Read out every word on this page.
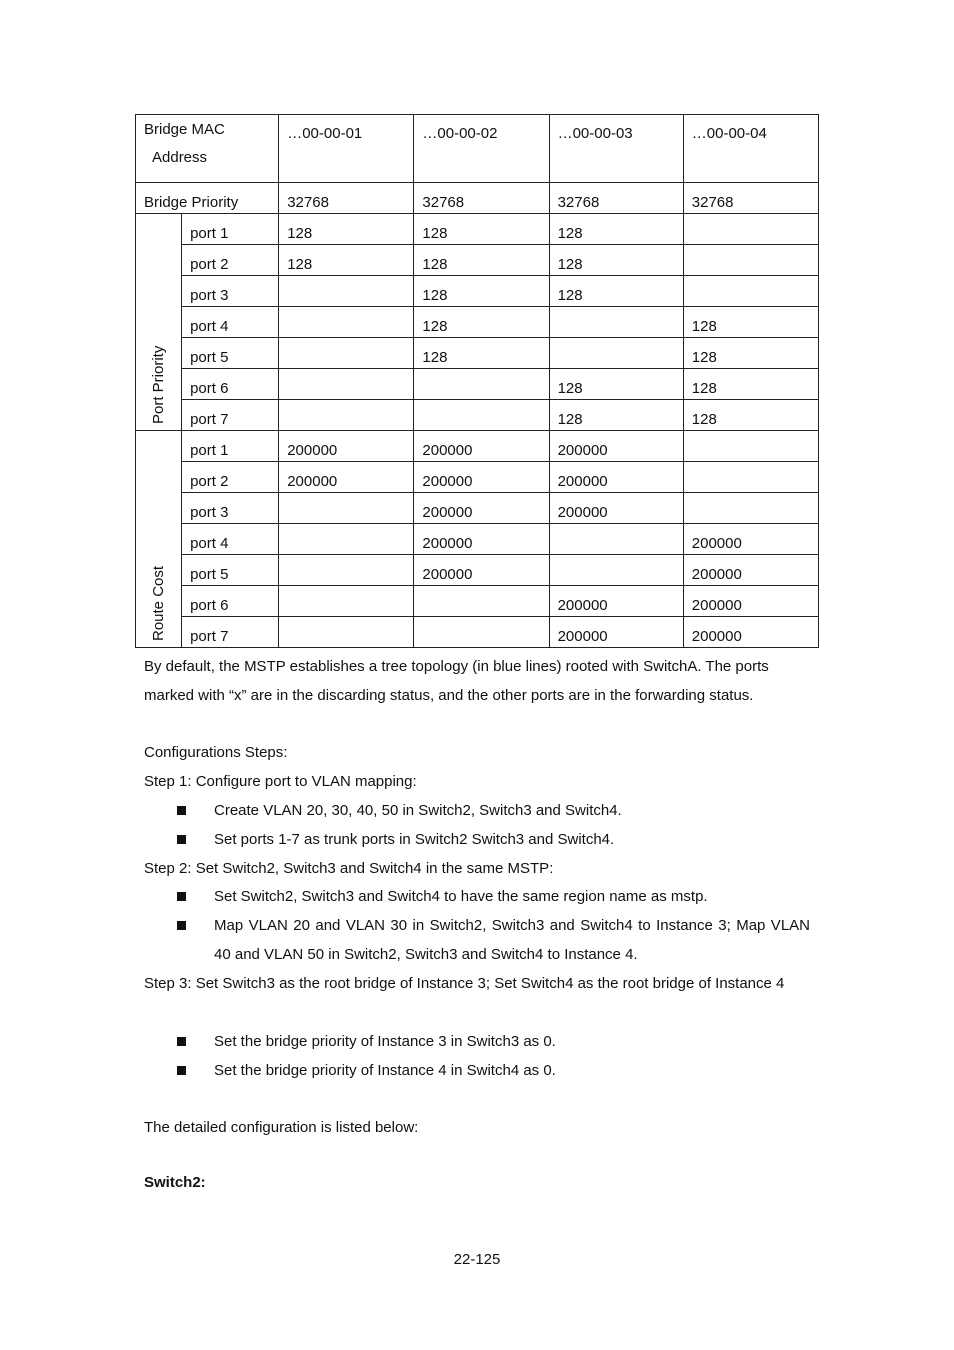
Bridge MAC
Address		…00-00-01	…00-00-02	…00-00-03	…00-00-04
Bridge Priority		32768	32768	32768	32768

Port Priority	port 1	128	128	128	
	port 2	128	128	128	
	port 3		128	128	
	port 4		128		128
	port 5		128		128
	port 6			128	128
	port 7			128	128

Route Cost	port 1	200000	200000	200000	
	port 2	200000	200000	200000	
	port 3		200000	200000	
	port 4		200000		200000
	port 5		200000		200000
	port 6			200000	200000
	port 7			200000	200000
By default, the MSTP establishes a tree topology (in blue lines) rooted with SwitchA. The ports marked with “x” are in the discarding status, and the other ports are in the forwarding status.
Configurations Steps:
Step 1: Configure port to VLAN mapping:
Create VLAN 20, 30, 40, 50 in Switch2, Switch3 and Switch4.
Set ports 1-7 as trunk ports in Switch2 Switch3 and Switch4.
Step 2: Set Switch2, Switch3 and Switch4 in the same MSTP:
Set Switch2, Switch3 and Switch4 to have the same region name as mstp.
Map VLAN 20 and VLAN 30 in Switch2, Switch3 and Switch4 to Instance 3; Map VLAN 40 and VLAN 50 in Switch2, Switch3 and Switch4 to Instance 4.
Step 3: Set Switch3 as the root bridge of Instance 3; Set Switch4 as the root bridge of Instance 4
Set the bridge priority of Instance 3 in Switch3 as 0.
Set the bridge priority of Instance 4 in Switch4 as 0.
The detailed configuration is listed below:
Switch2:
22-125
